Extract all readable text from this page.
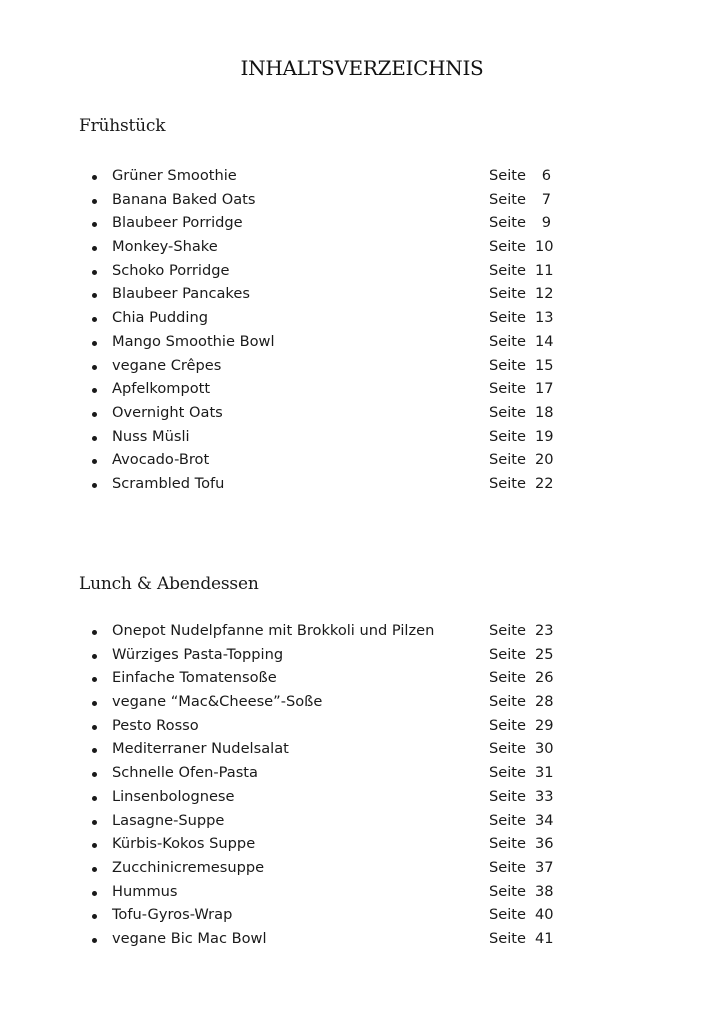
INHALTSVERZEICHNIS
Frühstück
Grüner Smoothie	Seite	6
Banana Baked Oats	Seite	7
Blaubeer Porridge	Seite	9
Monkey-Shake	Seite 10
Schoko Porridge	Seite 11
Blaubeer Pancakes	Seite 12
Chia Pudding	Seite 13
Mango Smoothie Bowl	Seite 14
vegane Crêpes	Seite 15
Apfelkompott	Seite 17
Overnight Oats	Seite 18
Nuss Müsli	Seite 19
Avocado-Brot	Seite 20
Scrambled Tofu	Seite 22
Lunch & Abendessen
Onepot Nudelpfanne mit Brokkoli und Pilzen	Seite 23
Würziges Pasta-Topping	Seite 25
Einfache Tomatensoße	Seite 26
vegane “Mac&Cheese”-Soße	Seite 28
Pesto Rosso	Seite 29
Mediterraner Nudelsalat	Seite 30
Schnelle Ofen-Pasta	Seite 31
Linsenbolognese	Seite 33
Lasagne-Suppe	Seite 34
Kürbis-Kokos Suppe	Seite 36
Zucchinicremesuppe	Seite 37
Hummus	Seite 38
Tofu-Gyros-Wrap	Seite 40
vegane Bic Mac Bowl	Seite 41
